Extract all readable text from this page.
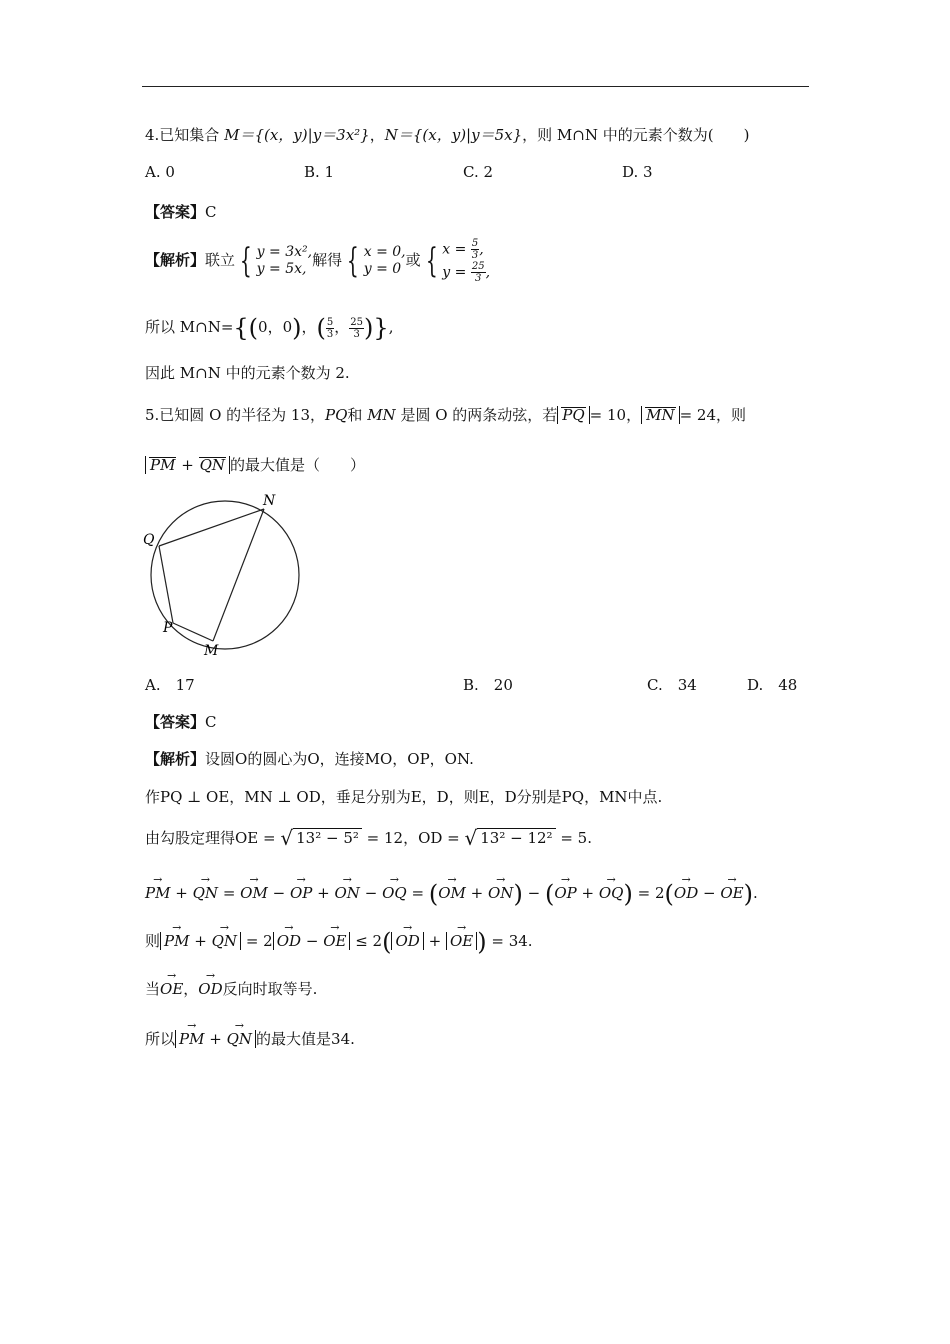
4.已知集合 M＝{(x，y)|y＝3x²}，N＝{(x，y)|y＝5x}，则 M∩N 中的元素个数为(　　)
A. 0	B. 1	C. 2	D. 3
【答案】C
【解析】联立 { y = 3x²,
y = 5x, 解得 { x = 0,
y = 0 或 { $x = \frac{5}{3}$ ,
$y = \frac{25}{3}$ ,
所以 M∩N={(0，0)，( $\frac{5}{3}$ ， $\frac{25}{3}$ )},
因此 M∩N 中的元素个数为 2.
5.已知圆 O 的半径为 13，PQ和 MN 是圆 O 的两条动弦，若 PQ = 10， MN = 24，则
PM + QN 的最大值是（　　）
N
Q
P
M
A.　17	B.　20	C.　34	D.　48
【答案】C
【解析】设圆O的圆心为O，连接MO，OP，ON.
作PQ ⊥ OE，MN ⊥ OD，垂足分别为E，D，则E，D分别是PQ，MN中点.
由勾股定理得OE = √ 13² − 5² = 12，OD = √ 13² − 12² = 5.
→ PM + → QN = → OM − → OP + → ON − → OQ = (→ OM + → ON) − (→ OP + → OQ) = 2(→ OD − → OE).
则 → PM + → QN = 2 → OD − → OE ≤ 2( → OD + → OE ) = 34.
当→ OE，→ OD反向时取等号.
所以 → PM + → QN 的最大值是34.
